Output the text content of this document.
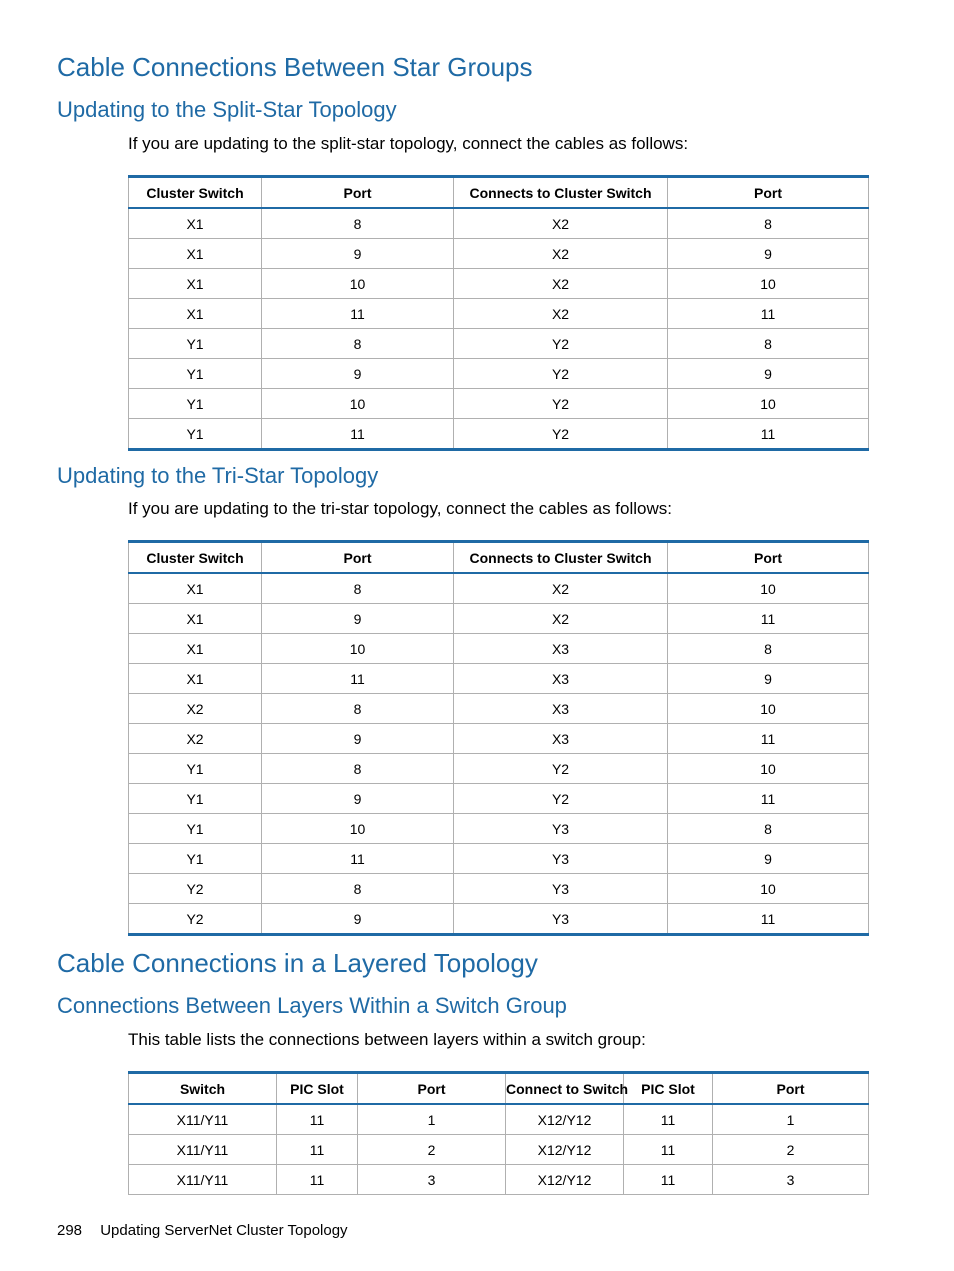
Cable Connections Between Star Groups
Updating to the Split-Star Topology

If you are updating to the split-star topology, connect the cables as follows:

Cluster Switch	Port	Connects to Cluster Switch	Port
X1	8	X2	8
X1	9	X2	9
X1	10	X2	10
X1	11	X2	11
Y1	8	Y2	8
Y1	9	Y2	9
Y1	10	Y2	10
Y1	11	Y2	11
Updating to the Tri-Star Topology

If you are updating to the tri-star topology, connect the cables as follows:

Cluster Switch	Port	Connects to Cluster Switch	Port
X1	8	X2	10
X1	9	X2	11
X1	10	X3	8
X1	11	X3	9
X2	8	X3	10
X2	9	X3	11
Y1	8	Y2	10
Y1	9	Y2	11
Y1	10	Y3	8
Y1	11	Y3	9
Y2	8	Y3	10
Y2	9	Y3	11
Cable Connections in a Layered Topology
Connections Between Layers Within a Switch Group

This table lists the connections between layers within a switch group:

Switch	PIC Slot	Port	Connect to Switch	PIC Slot	Port
X11/Y11	11	1	X12/Y12	11	1
X11/Y11	11	2	X12/Y12	11	2
X11/Y11	11	3	X12/Y12	11	3
298 Updating ServerNet Cluster Topology
